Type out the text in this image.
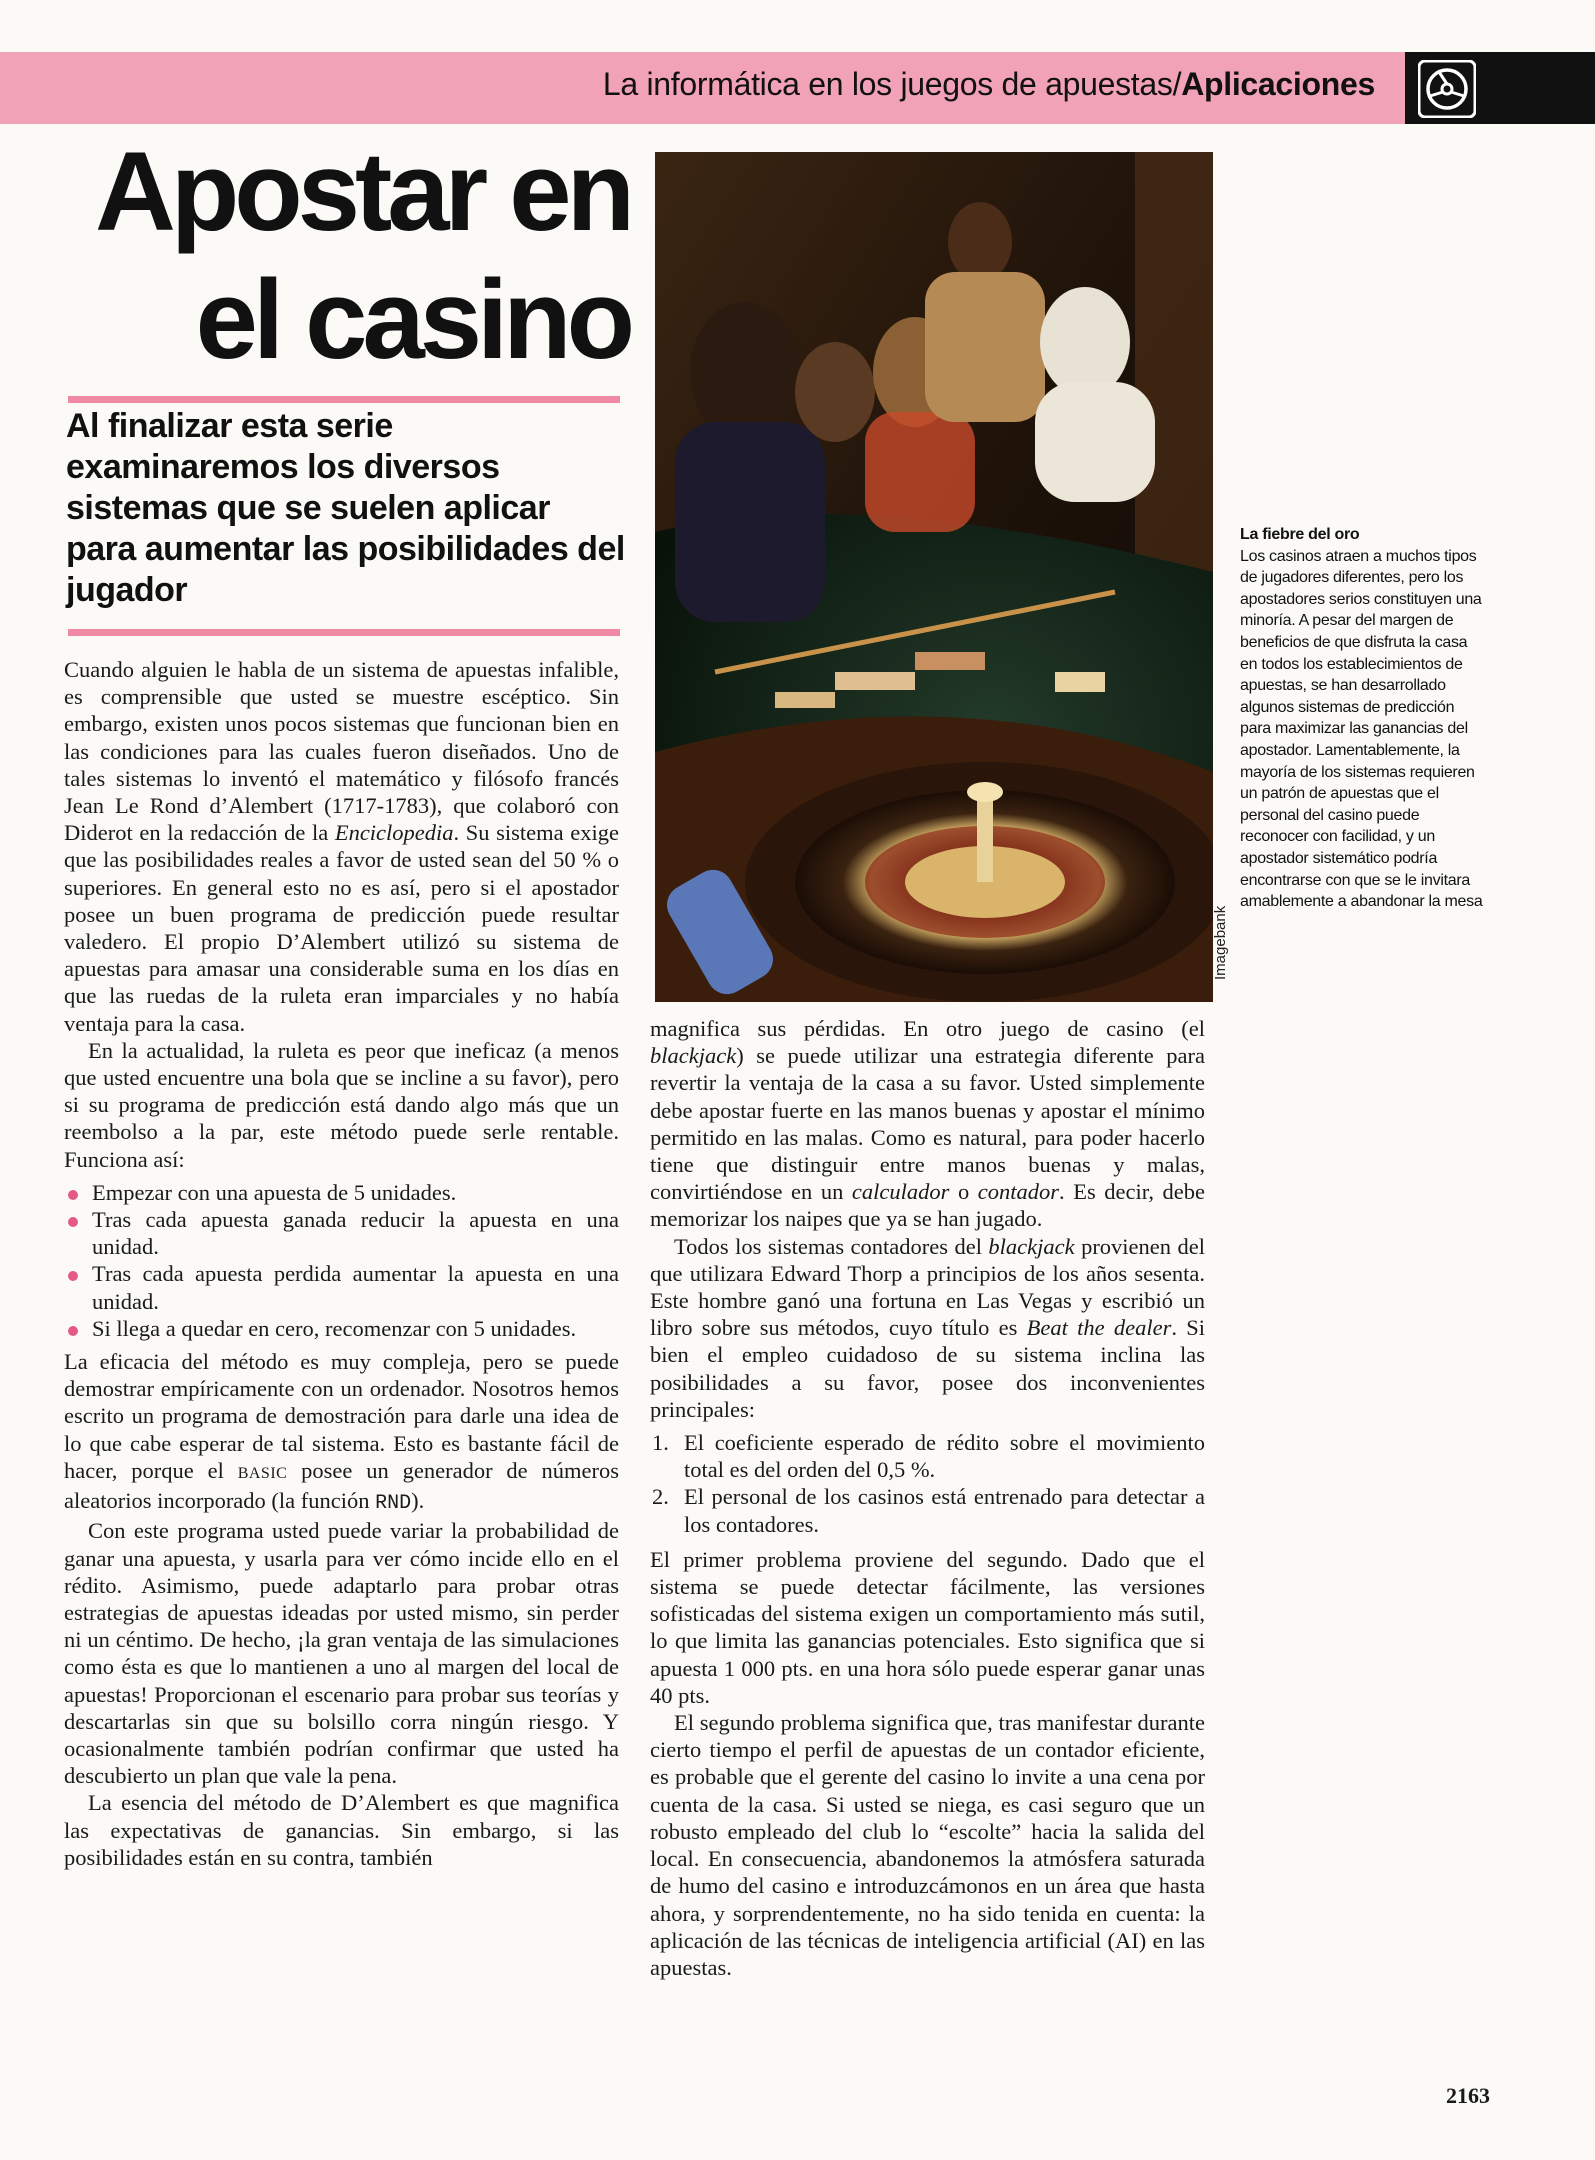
La informática en los juegos de apuestas/Aplicaciones
Apostar en
el casino

Al finalizar esta serie examinaremos los diversos sistemas que se suelen aplicar para aumentar las posibilidades del jugador

Cuando alguien le habla de un sistema de apuestas infalible, es comprensible que usted se muestre escéptico. Sin embargo, existen unos pocos sistemas que funcionan bien en las condiciones para las cuales fueron diseñados. Uno de tales sistemas lo inventó el matemático y filósofo francés Jean Le Rond d’Alembert (1717-1783), que colaboró con Diderot en la redacción de la Enciclopedia. Su sistema exige que las posibilidades reales a favor de usted sean del 50 % o superiores. En general esto no es así, pero si el apostador posee un buen programa de predicción puede resultar valedero. El propio D’Alembert utilizó su sistema de apuestas para amasar una considerable suma en los días en que las ruedas de la ruleta eran imparciales y no había ventaja para la casa.

En la actualidad, la ruleta es peor que ineficaz (a menos que usted encuentre una bola que se incline a su favor), pero si su programa de predicción está dando algo más que un reembolso a la par, este método puede serle rentable. Funciona así:

Empezar con una apuesta de 5 unidades.
Tras cada apuesta ganada reducir la apuesta en una unidad.
Tras cada apuesta perdida aumentar la apuesta en una unidad.
Si llega a quedar en cero, recomenzar con 5 unidades.

La eficacia del método es muy compleja, pero se puede demostrar empíricamente con un ordenador. Nosotros hemos escrito un programa de demostración para darle una idea de lo que cabe esperar de tal sistema. Esto es bastante fácil de hacer, porque el BASIC posee un generador de números aleatorios incorporado (la función RND).

Con este programa usted puede variar la probabilidad de ganar una apuesta, y usarla para ver cómo incide ello en el rédito. Asimismo, puede adaptarlo para probar otras estrategias de apuestas ideadas por usted mismo, sin perder ni un céntimo. De hecho, ¡la gran ventaja de las simulaciones como ésta es que lo mantienen a uno al margen del local de apuestas! Proporcionan el escenario para probar sus teorías y descartarlas sin que su bolsillo corra ningún riesgo. Y ocasionalmente también podrían confirmar que usted ha descubierto un plan que vale la pena.

La esencia del método de D’Alembert es que magnifica las expectativas de ganancias. Sin embargo, si las posibilidades están en su contra, también

Imagebank
La fiebre del oro
Los casinos atraen a muchos tipos de jugadores diferentes, pero los apostadores serios constituyen una minoría. A pesar del margen de beneficios de que disfruta la casa en todos los establecimientos de apuestas, se han desarrollado algunos sistemas de predicción para maximizar las ganancias del apostador. Lamentablemente, la mayoría de los sistemas requieren un patrón de apuestas que el personal del casino puede reconocer con facilidad, y un apostador sistemático podría encontrarse con que se le invitara amablemente a abandonar la mesa

magnifica sus pérdidas. En otro juego de casino (el blackjack) se puede utilizar una estrategia diferente para revertir la ventaja de la casa a su favor. Usted simplemente debe apostar fuerte en las manos buenas y apostar el mínimo permitido en las malas. Como es natural, para poder hacerlo tiene que distinguir entre manos buenas y malas, convirtiéndose en un calculador o contador. Es decir, debe memorizar los naipes que ya se han jugado.

Todos los sistemas contadores del blackjack provienen del que utilizara Edward Thorp a principios de los años sesenta. Este hombre ganó una fortuna en Las Vegas y escribió un libro sobre sus métodos, cuyo título es Beat the dealer. Si bien el empleo cuidadoso de su sistema inclina las posibilidades a su favor, posee dos inconvenientes principales:

1. El coeficiente esperado de rédito sobre el movimiento total es del orden del 0,5 %.
2. El personal de los casinos está entrenado para detectar a los contadores.

El primer problema proviene del segundo. Dado que el sistema se puede detectar fácilmente, las versiones sofisticadas del sistema exigen un comportamiento más sutil, lo que limita las ganancias potenciales. Esto significa que si apuesta 1 000 pts. en una hora sólo puede esperar ganar unas 40 pts.

El segundo problema significa que, tras manifestar durante cierto tiempo el perfil de apuestas de un contador eficiente, es probable que el gerente del casino lo invite a una cena por cuenta de la casa. Si usted se niega, es casi seguro que un robusto empleado del club lo “escolte” hacia la salida del local. En consecuencia, abandonemos la atmósfera saturada de humo del casino e introduzcámonos en un área que hasta ahora, y sorprendentemente, no ha sido tenida en cuenta: la aplicación de las técnicas de inteligencia artificial (AI) en las apuestas.

2163
